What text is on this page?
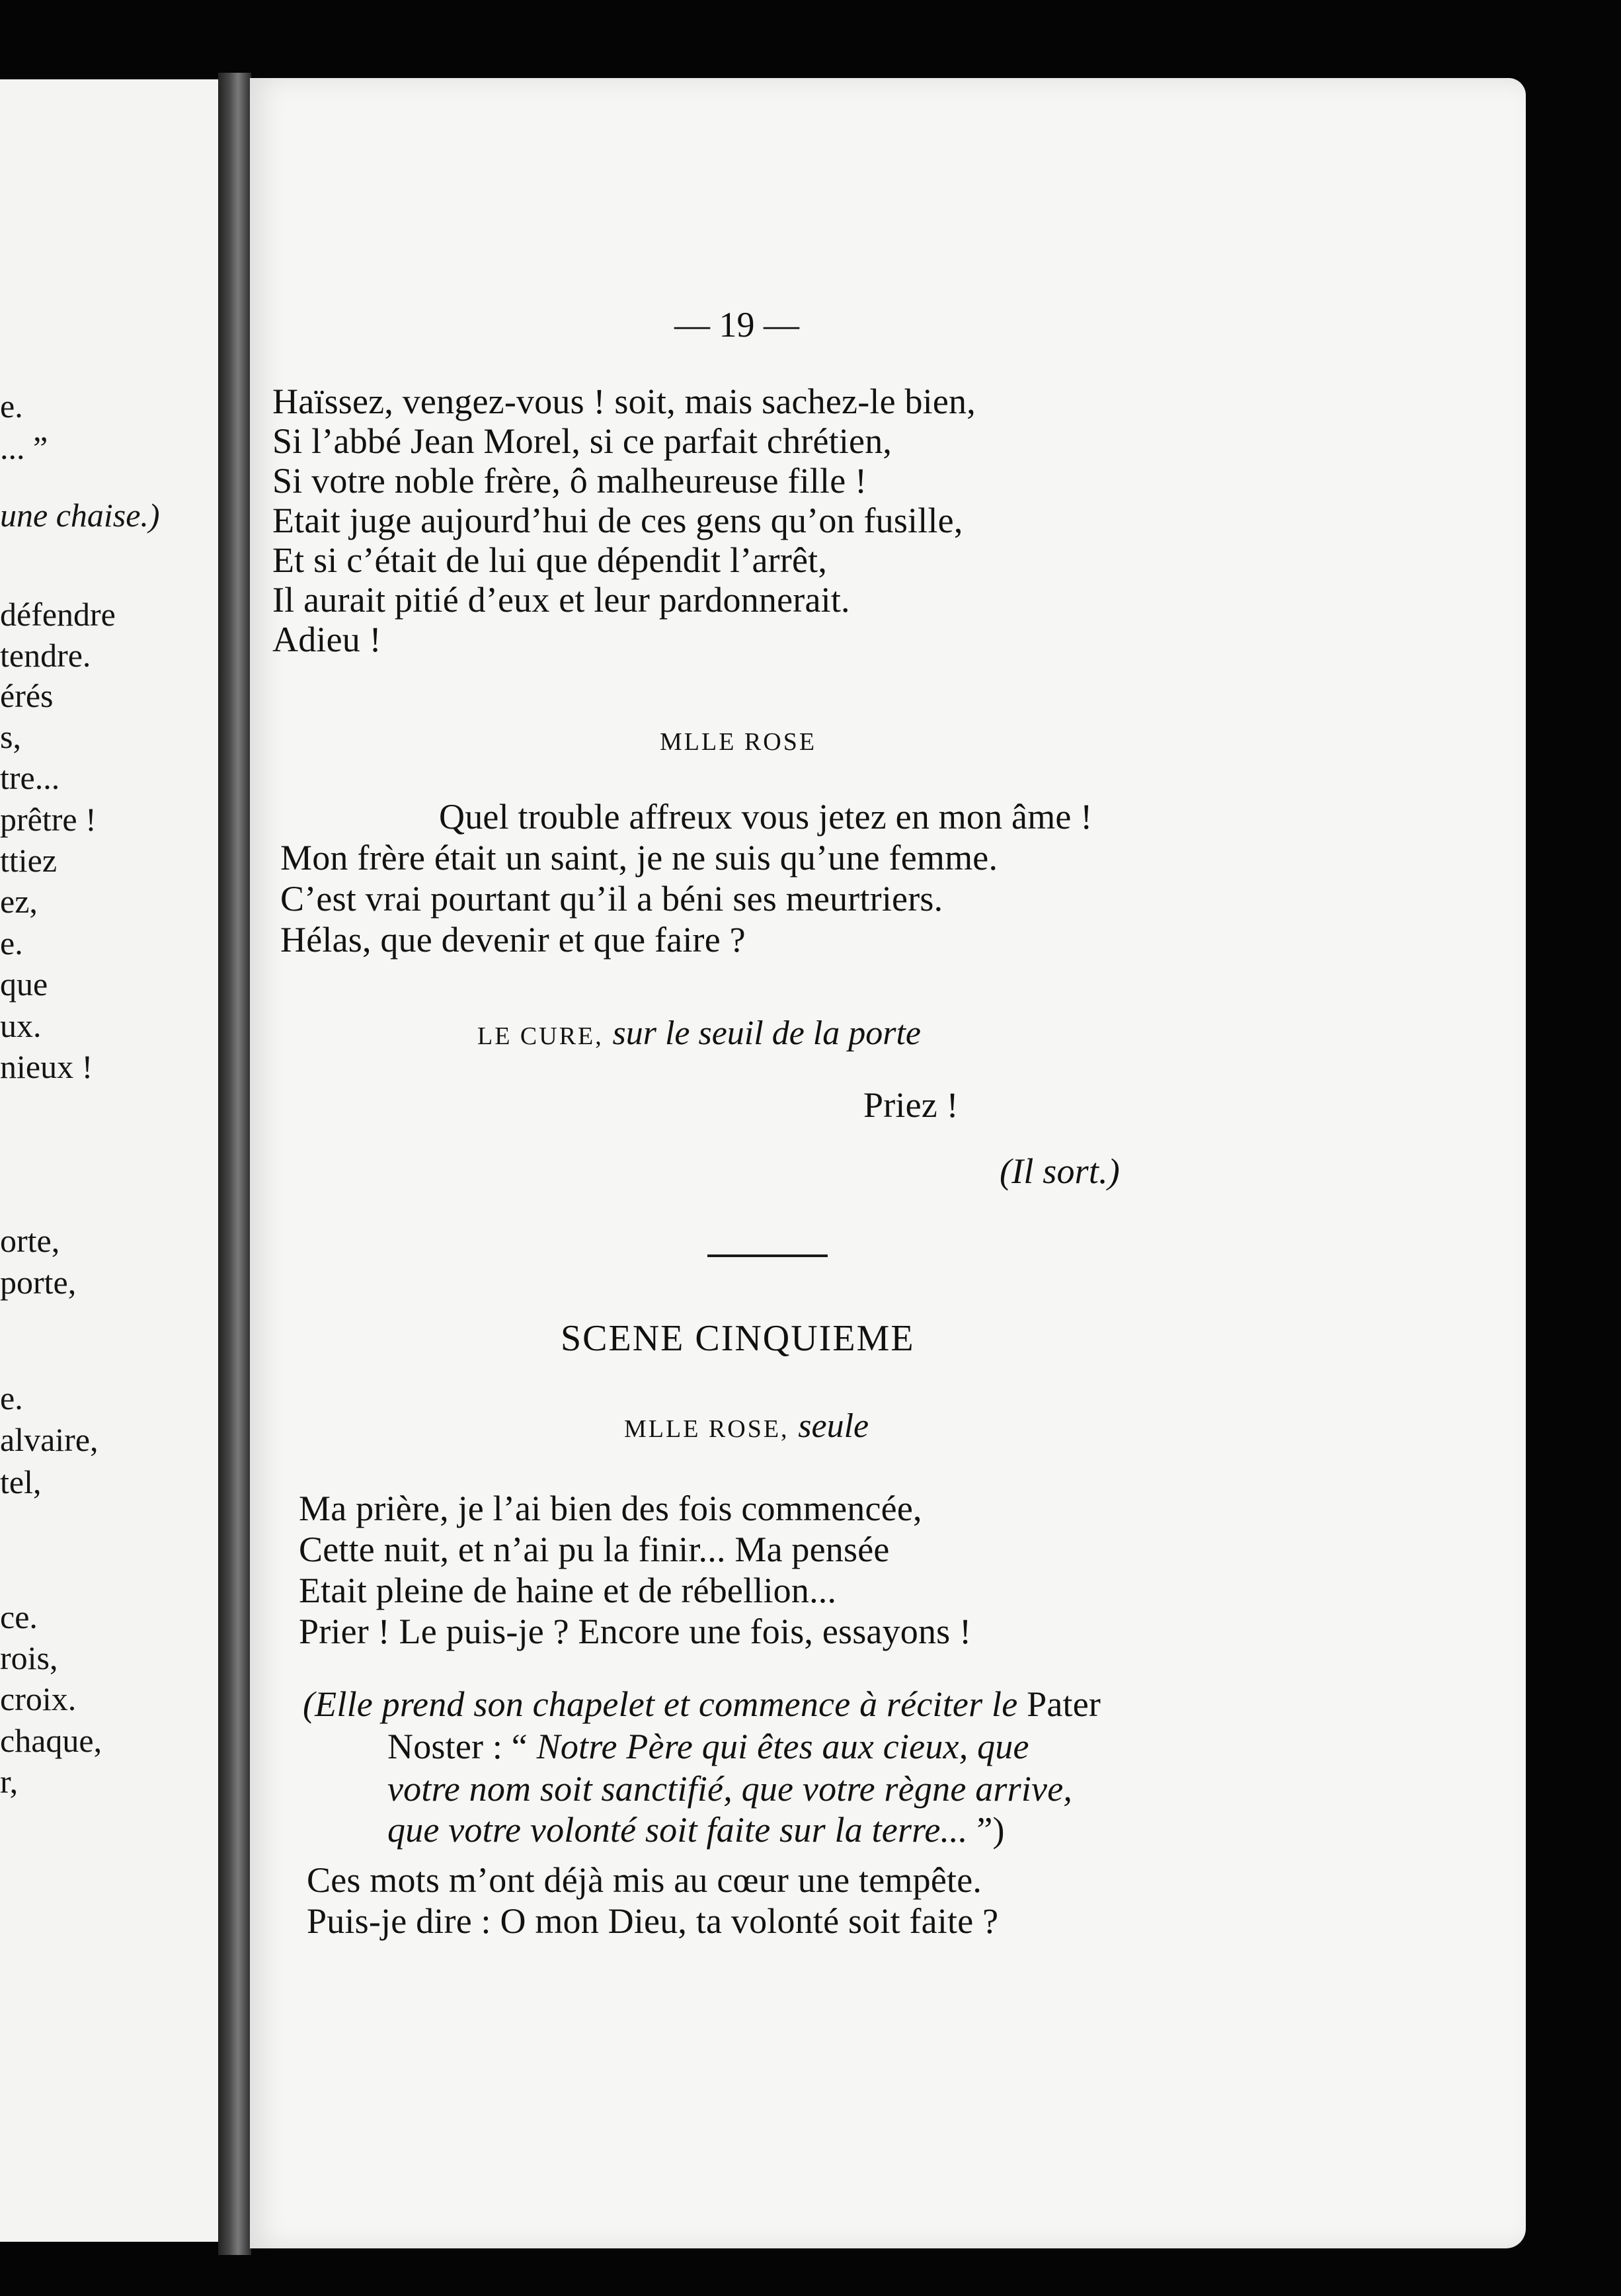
e.
... ”
une chaise.)
défendre
tendre.
érés
s,
tre...
prêtre !
ttiez
ez,
e.
que
ux.
nieux !
orte,
porte,
e.
alvaire,
tel,
ce.
rois,
croix.
chaque,
r,
— 19 —
Haïssez, vengez-vous ! soit, mais sachez-le bien,
Si l’abbé Jean Morel, si ce parfait chrétien,
Si votre noble frère, ô malheureuse fille !
Etait juge aujourd’hui de ces gens qu’on fusille,
Et si c’était de lui que dépendit l’arrêt,
Il aurait pitié d’eux et leur pardonnerait.
Adieu !
MLLE ROSE
Quel trouble affreux vous jetez en mon âme !
Mon frère était un saint, je ne suis qu’une femme.
C’est vrai pourtant qu’il a béni ses meurtriers.
Hélas, que devenir et que faire ?
LE CURE, sur le seuil de la porte
Priez !
(Il sort.)
SCENE CINQUIEME
MLLE ROSE, seule
Ma prière, je l’ai bien des fois commencée,
Cette nuit, et n’ai pu la finir... Ma pensée
Etait pleine de haine et de rébellion...
Prier ! Le puis-je ? Encore une fois, essayons !
(Elle prend son chapelet et commence à réciter le Pater
Noster : “ Notre Père qui êtes aux cieux, que
votre nom soit sanctifié, que votre règne arrive,
que votre volonté soit faite sur la terre... ”)
Ces mots m’ont déjà mis au cœur une tempête.
Puis-je dire : O mon Dieu, ta volonté soit faite ?
